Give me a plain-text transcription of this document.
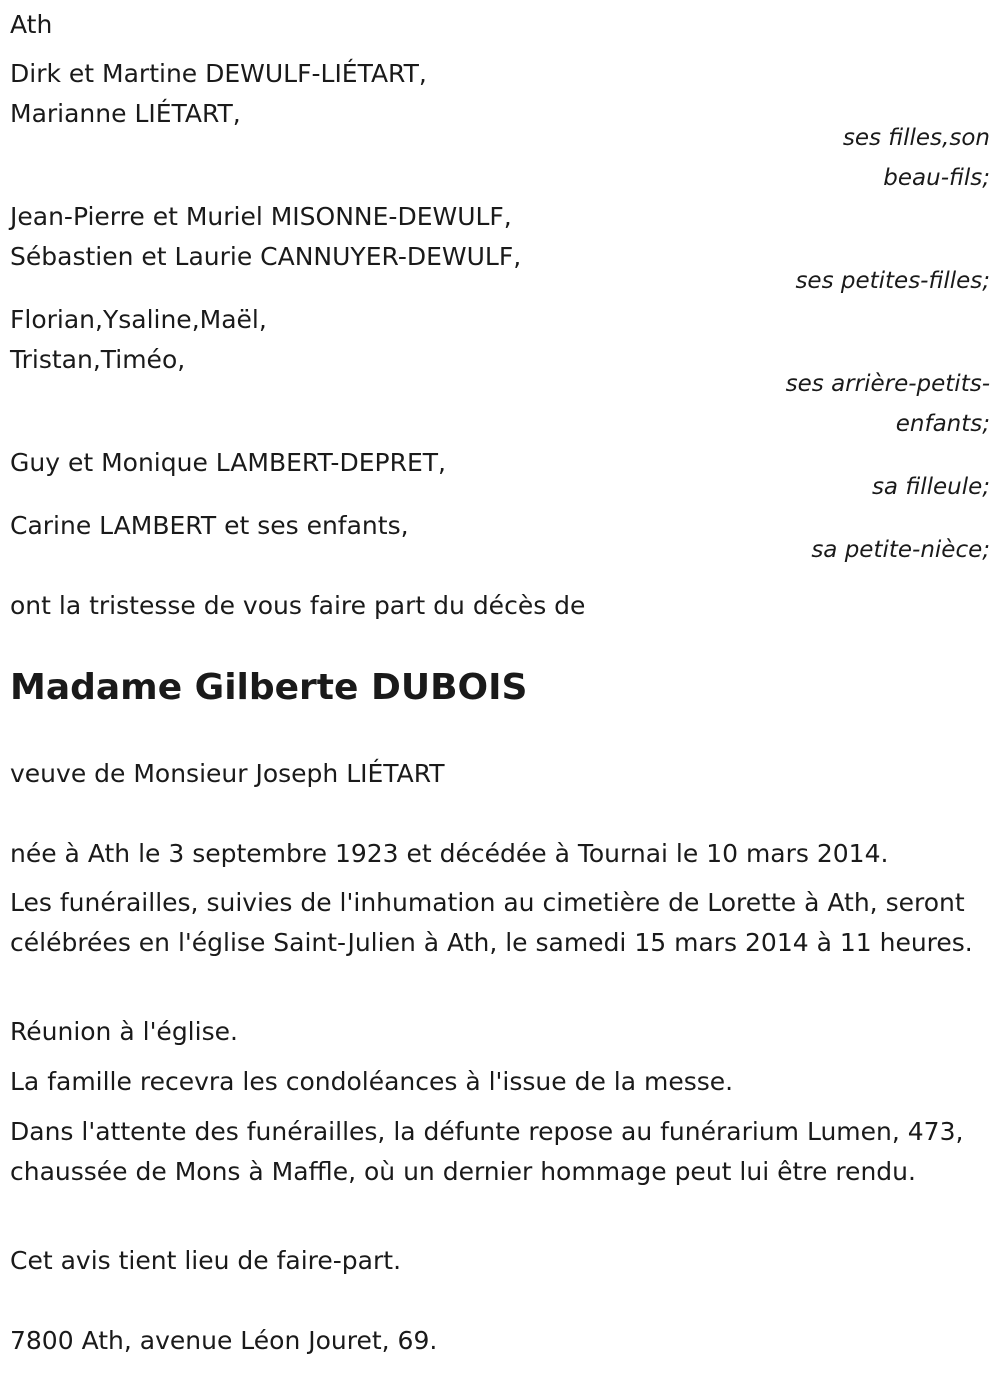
Ath
Dirk et Martine DEWULF-LIÉTART,
Marianne LIÉTART,
ses filles,son
beau-fils;
Jean-Pierre et Muriel MISONNE-DEWULF,
Sébastien et Laurie CANNUYER-DEWULF,
ses petites-filles;
Florian,Ysaline,Maël,
Tristan,Timéo,
ses arrière-petits-
enfants;
Guy et Monique LAMBERT-DEPRET,
sa filleule;
Carine LAMBERT et ses enfants,
sa petite-nièce;
ont la tristesse de vous faire part du décès de
Madame Gilberte DUBOIS
veuve de Monsieur Joseph LIÉTART
née à Ath le 3 septembre 1923 et décédée à Tournai le 10 mars 2014.
Les funérailles, suivies de l'inhumation au cimetière de Lorette à Ath, seront célébrées en l'église Saint-Julien à Ath, le samedi 15 mars 2014 à 11 heures.
Réunion à l'église.
La famille recevra les condoléances à l'issue de la messe.
Dans l'attente des funérailles, la défunte repose au funérarium Lumen, 473, chaussée de Mons à Maffle, où un dernier hommage peut lui être rendu.
Cet avis tient lieu de faire-part.
7800 Ath, avenue Léon Jouret, 69.
